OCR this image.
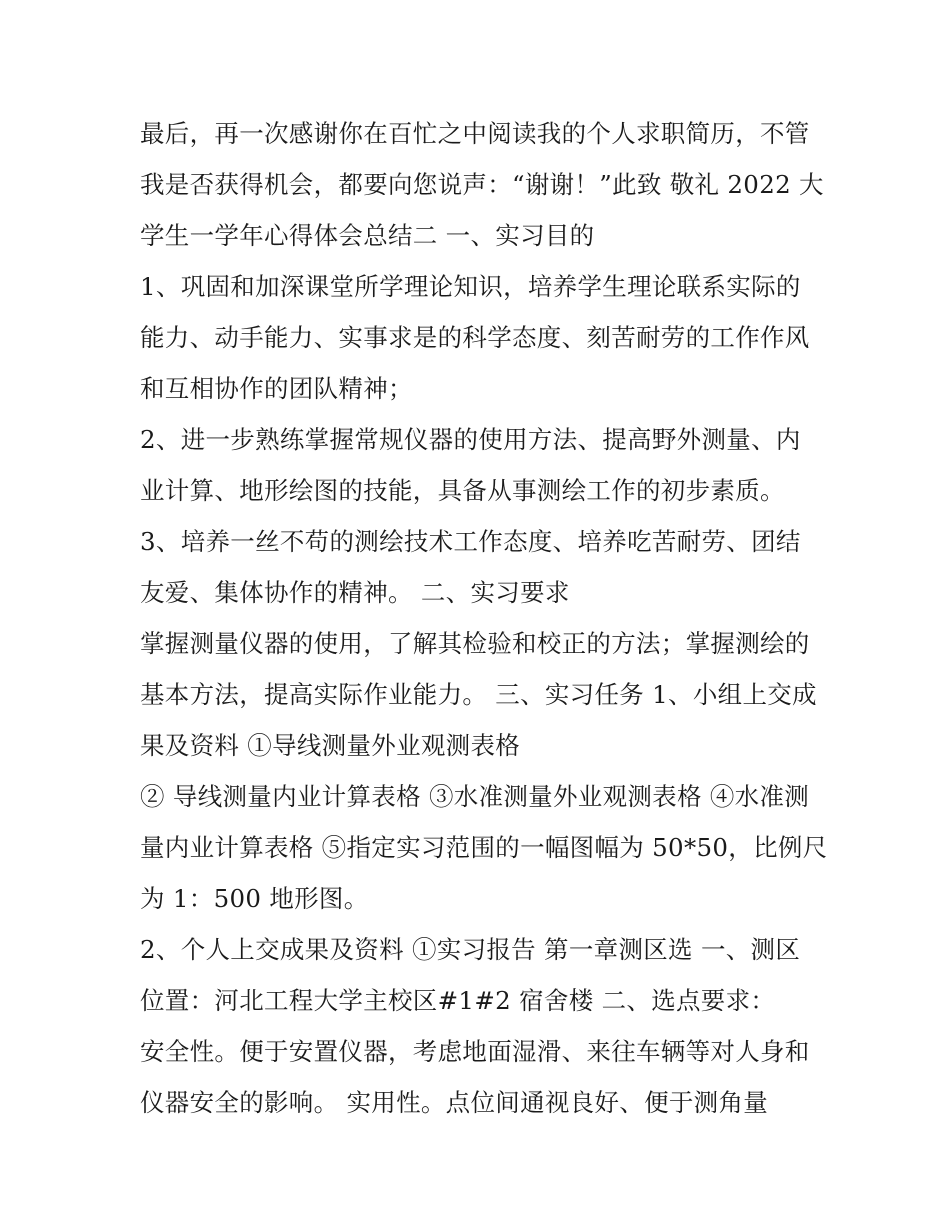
最后，再一次感谢你在百忙之中阅读我的个人求职简历，不管
我是否获得机会，都要向您说声：“谢谢！”此致 敬礼 2022 大
学生一学年心得体会总结二 一、实习目的
1、巩固和加深课堂所学理论知识，培养学生理论联系实际的
能力、动手能力、实事求是的科学态度、刻苦耐劳的工作作风
和互相协作的团队精神；
2、进一步熟练掌握常规仪器的使用方法、提高野外测量、内
业计算、地形绘图的技能，具备从事测绘工作的初步素质。
3、培养一丝不苟的测绘技术工作态度、培养吃苦耐劳、团结
友爱、集体协作的精神。 二、实习要求
掌握测量仪器的使用，了解其检验和校正的方法；掌握测绘的
基本方法，提高实际作业能力。 三、实习任务 1、小组上交成
果及资料 ①导线测量外业观测表格
② 导线测量内业计算表格 ③水准测量外业观测表格 ④水准测
量内业计算表格 ⑤指定实习范围的一幅图幅为 50*50，比例尺
为 1：500 地形图。
2、个人上交成果及资料 ①实习报告 第一章测区选 一、测区
位置：河北工程大学主校区#1#2 宿舍楼 二、选点要求：
安全性。便于安置仪器，考虑地面湿滑、来往车辆等对人身和
仪器安全的影响。 实用性。点位间通视良好、便于测角量
